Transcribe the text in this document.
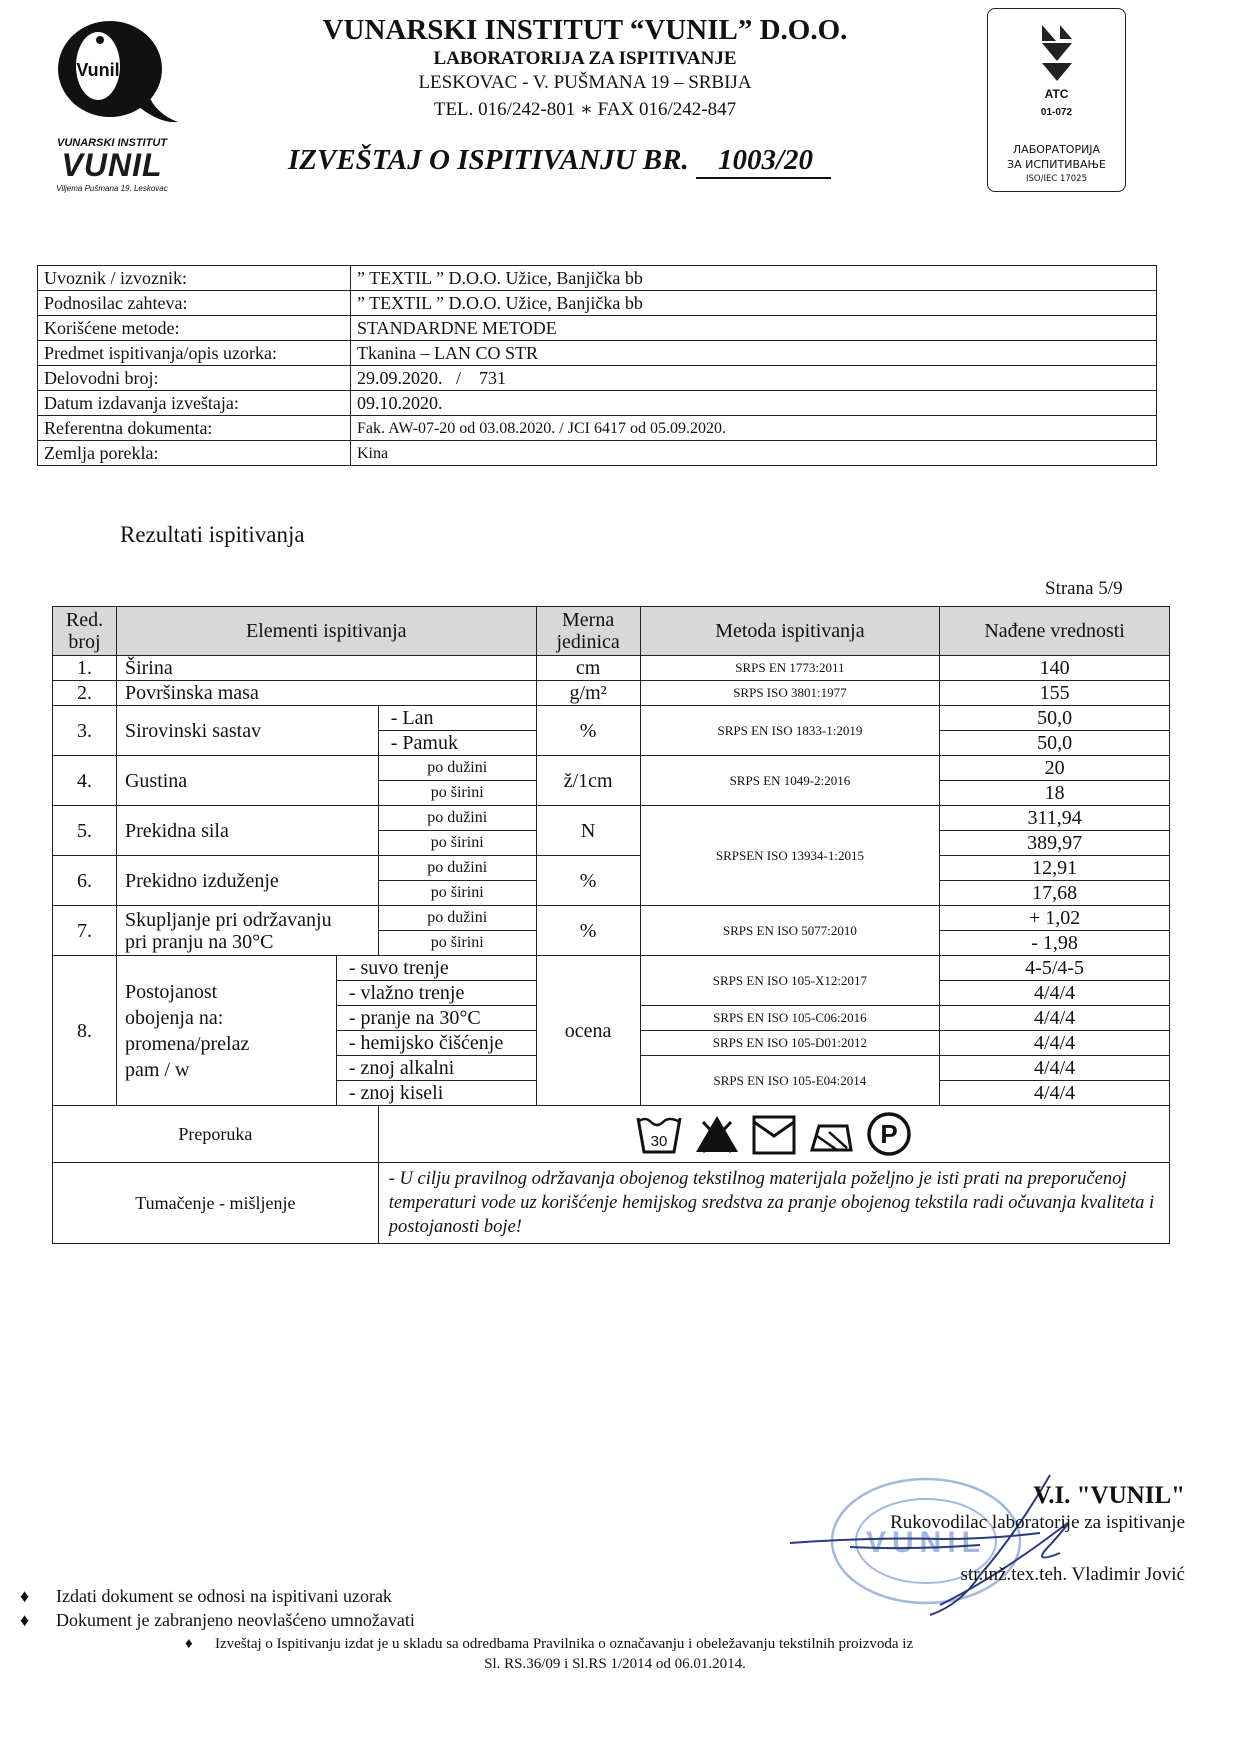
Vunil
VUNARSKI INSTITUT
VUNIL
Viljema Pušmana 19, Leskovac
VUNARSKI INSTITUT “VUNIL” D.O.O.
LABORATORIJA ZA ISPITIVANJE
LESKOVAC - V. PUŠMANA 19 – SRBIJA
TEL. 016/242-801 ∗ FAX 016/242-847
IZVEŠTAJ O ISPITIVANJU BR. 1003/20
ATC
01-072
ЛАБОРАТОРИЈА
ЗА ИСПИТИВАЊЕ
ISO/IEC 17025
Uvoznik / izvoznik:	” TEXTIL ” D.O.O. Užice, Banjička bb
Podnosilac zahteva:	” TEXTIL ” D.O.O. Užice, Banjička bb
Korišćene metode:	STANDARDNE METODE
Predmet ispitivanja/opis uzorka:	Tkanina – LAN CO STR
Delovodni broj:	29.09.2020.   /    731
Datum izdavanja izveštaja:	09.10.2020.
Referentna dokumenta:	Fak. AW-07-20 od 03.08.2020. / JCI 6417 od 05.09.2020.
Zemlja porekla:	Kina
Rezultati ispitivanja
Strana 5/9
Red. broj	Elementi ispitivanja			Merna jedinica	Metoda ispitivanja	Nađene vrednosti
1.	Širina			cm	SRPS EN 1773:2011	140
2.	Površinska masa			g/m²	SRPS ISO 3801:1977	155
3.	Sirovinski sastav		- Lan	%	SRPS EN ISO 1833-1:2019	50,0
			- Pamuk			50,0
4.	Gustina		po dužini	ž/1cm	SRPS EN 1049-2:2016	20
			po širini			18
5.	Prekidna sila		po dužini	N	SRPSEN ISO 13934-1:2015	311,94
			po širini			389,97
6.	Prekidno izduženje		po dužini	%		12,91
			po širini			17,68
7.	Skupljanje pri održavanju
pri pranju na 30°C		po dužini	%	SRPS EN ISO 5077:2010	+ 1,02
			po širini			- 1,98
8.	Postojanost
obojenja na:
promena/prelaz
pam / w	- suvo trenje		ocena	SRPS EN ISO 105-X12:2017	4-5/4-5
		- vlažno trenje				4/4/4
		- pranje na 30°C			SRPS EN ISO 105-C06:2016	4/4/4
		- hemijsko čišćenje			SRPS EN ISO 105-D01:2012	4/4/4
		- znoj alkalni			SRPS EN ISO 105-E04:2014	4/4/4
		- znoj kiseli				4/4/4
Preporuka			30 P			

Tumačenje - mišljenje			- U cilju pravilnog održavanja obojenog tekstilnog materijala poželjno je isti prati na preporučenoj temperaturi vode uz korišćenje hemijskog sredstva za pranje obojenog tekstila radi očuvanja kvaliteta i postojanosti boje!			
VUNIL
V.I. "VUNIL"
Rukovodilac laboratorije za ispitivanje
str.inž.tex.teh. Vladimir Jović
♦ Izdati dokument se odnosi na ispitivani uzorak
♦ Dokument je zabranjeno neovlašćeno umnožavati
♦ Izveštaj o Ispitivanju izdat je u skladu sa odredbama Pravilnika o označavanju i obeležavanju tekstilnih proizvoda iz
Sl. RS.36/09 i Sl.RS 1/2014 od 06.01.2014.
